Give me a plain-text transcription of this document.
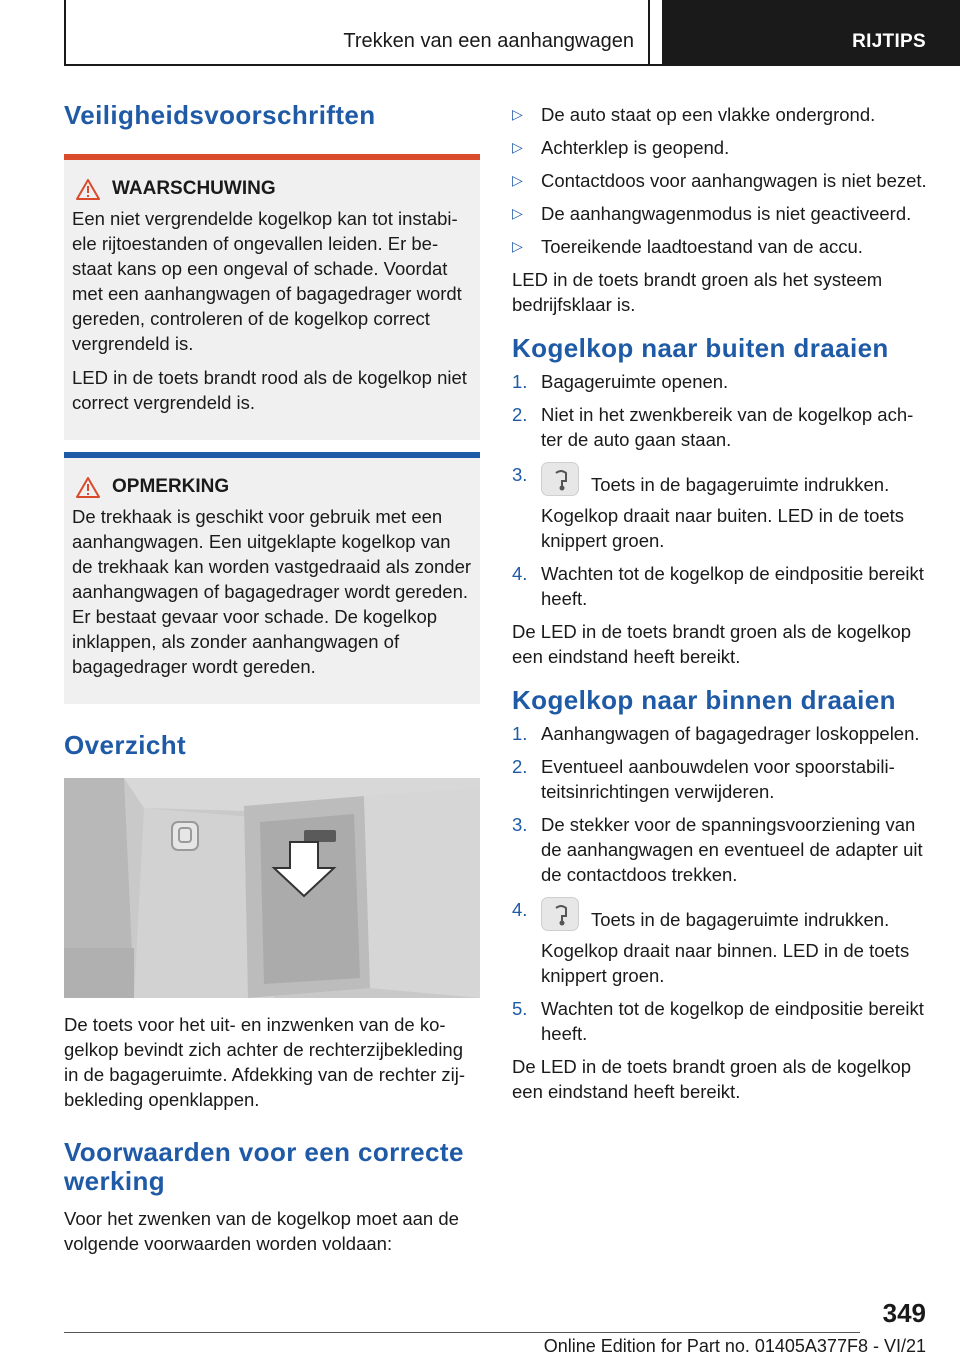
Trekken van een aanhangwagen	RIJTIPS
Veiligheidsvoorschriften
WAARSCHUWING

Een niet vergrendelde kogelkop kan tot instabiele rijtoestanden of ongevallen leiden. Er bestaat kans op een ongeval of schade. Voordat met een aanhangwagen of bagagedrager wordt gereden, controleren of de kogelkop correct vergrendeld is.

LED in de toets brandt rood als de kogelkop niet correct vergrendeld is.

OPMERKING

De trekhaak is geschikt voor gebruik met een aanhangwagen. Een uitgeklapte kogelkop van de trekhaak kan worden vastgedraaid als zonder aanhangwagen of bagagedrager wordt gereden. Er bestaat gevaar voor schade. De kogelkop inklappen, als zonder aanhangwagen of bagagedrager wordt gereden.

Overzicht

De toets voor het uit- en inzwenken van de kogelkop bevindt zich achter de rechterzijbekleding in de bagageruimte. Afdekking van de rechter zijbekleding openklappen.

Voorwaarden voor een correcte werking

Voor het zwenken van de kogelkop moet aan de volgende voorwaarden worden voldaan:

▷ De auto staat op een vlakke ondergrond.

▷ Achterklep is geopend.

▷ Contactdoos voor aanhangwagen is niet bezet.

▷ De aanhangwagenmodus is niet geactiveerd.

▷ Toereikende laadtoestand van de accu.

LED in de toets brandt groen als het systeem bedrijfsklaar is.

Kogelkop naar buiten draaien
1. Bagageruimte openen.

2. Niet in het zwenkbereik van de kogelkop achter de auto gaan staan.

3.	Toets in de bagageruimte indrukken.

Kogelkop draait naar buiten. LED in de toets knippert groen.

4. Wachten tot de kogelkop de eindpositie bereikt heeft.

De LED in de toets brandt groen als de kogelkop een eindstand heeft bereikt.

Kogelkop naar binnen draaien
1. Aanhangwagen of bagagedrager loskoppelen.

2. Eventueel aanbouwdelen voor spoorstabiliteitsinrichtingen verwijderen.

3. De stekker voor de spanningsvoorziening van de aanhangwagen en eventueel de adapter uit de contactdoos trekken.

4.	Toets in de bagageruimte indrukken.

Kogelkop draait naar binnen. LED in de toets knippert groen.

5. Wachten tot de kogelkop de eindpositie bereikt heeft.

De LED in de toets brandt groen als de kogelkop een eindstand heeft bereikt.

349
Online Edition for Part no. 01405A377F8 - VI/21
